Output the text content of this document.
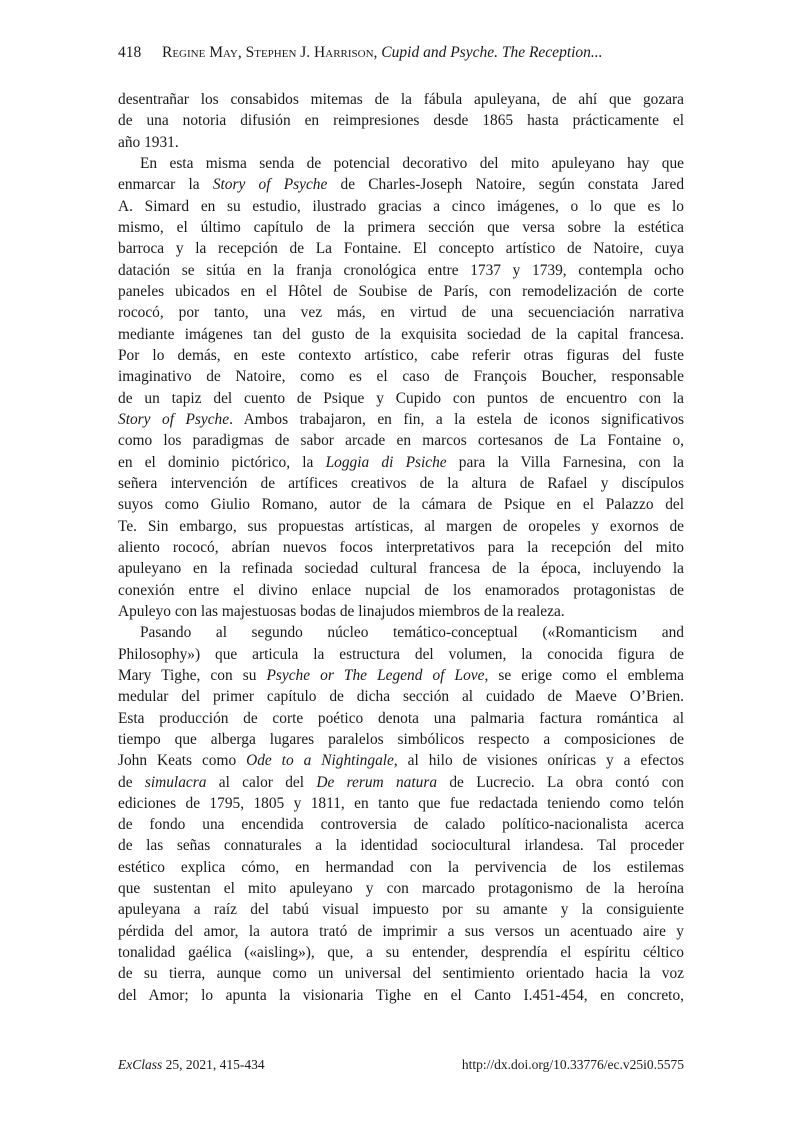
418 Regine May, Stephen J. Harrison, Cupid and Psyche. The Reception...
desentrañar los consabidos mitemas de la fábula apuleyana, de ahí que gozara
de una notoria difusión en reimpresiones desde 1865 hasta prácticamente el
año 1931.
En esta misma senda de potencial decorativo del mito apuleyano hay que
enmarcar la Story of Psyche de Charles-Joseph Natoire, según constata Jared
A. Simard en su estudio, ilustrado gracias a cinco imágenes, o lo que es lo
mismo, el último capítulo de la primera sección que versa sobre la estética
barroca y la recepción de La Fontaine. El concepto artístico de Natoire, cuya
datación se sitúa en la franja cronológica entre 1737 y 1739, contempla ocho
paneles ubicados en el Hôtel de Soubise de París, con remodelización de corte
rococó, por tanto, una vez más, en virtud de una secuenciación narrativa
mediante imágenes tan del gusto de la exquisita sociedad de la capital francesa.
Por lo demás, en este contexto artístico, cabe referir otras figuras del fuste
imaginativo de Natoire, como es el caso de François Boucher, responsable
de un tapiz del cuento de Psique y Cupido con puntos de encuentro con la
Story of Psyche. Ambos trabajaron, en fin, a la estela de iconos significativos
como los paradigmas de sabor arcade en marcos cortesanos de La Fontaine o,
en el dominio pictórico, la Loggia di Psiche para la Villa Farnesina, con la
señera intervención de artífices creativos de la altura de Rafael y discípulos
suyos como Giulio Romano, autor de la cámara de Psique en el Palazzo del
Te. Sin embargo, sus propuestas artísticas, al margen de oropeles y exornos de
aliento rococó, abrían nuevos focos interpretativos para la recepción del mito
apuleyano en la refinada sociedad cultural francesa de la época, incluyendo la
conexión entre el divino enlace nupcial de los enamorados protagonistas de
Apuleyo con las majestuosas bodas de linajudos miembros de la realeza.
Pasando al segundo núcleo temático-conceptual («Romanticism and
Philosophy») que articula la estructura del volumen, la conocida figura de
Mary Tighe, con su Psyche or The Legend of Love, se erige como el emblema
medular del primer capítulo de dicha sección al cuidado de Maeve O’Brien.
Esta producción de corte poético denota una palmaria factura romántica al
tiempo que alberga lugares paralelos simbólicos respecto a composiciones de
John Keats como Ode to a Nightingale, al hilo de visiones oníricas y a efectos
de simulacra al calor del De rerum natura de Lucrecio. La obra contó con
ediciones de 1795, 1805 y 1811, en tanto que fue redactada teniendo como telón
de fondo una encendida controversia de calado político-nacionalista acerca
de las señas connaturales a la identidad sociocultural irlandesa. Tal proceder
estético explica cómo, en hermandad con la pervivencia de los estilemas
que sustentan el mito apuleyano y con marcado protagonismo de la heroína
apuleyana a raíz del tabú visual impuesto por su amante y la consiguiente
pérdida del amor, la autora trató de imprimir a sus versos un acentuado aire y
tonalidad gaélica («aisling»), que, a su entender, desprendía el espíritu céltico
de su tierra, aunque como un universal del sentimiento orientado hacia la voz
del Amor; lo apunta la visionaria Tighe en el Canto I.451-454, en concreto,
ExClass 25, 2021, 415-434	http://dx.doi.org/10.33776/ec.v25i0.5575
